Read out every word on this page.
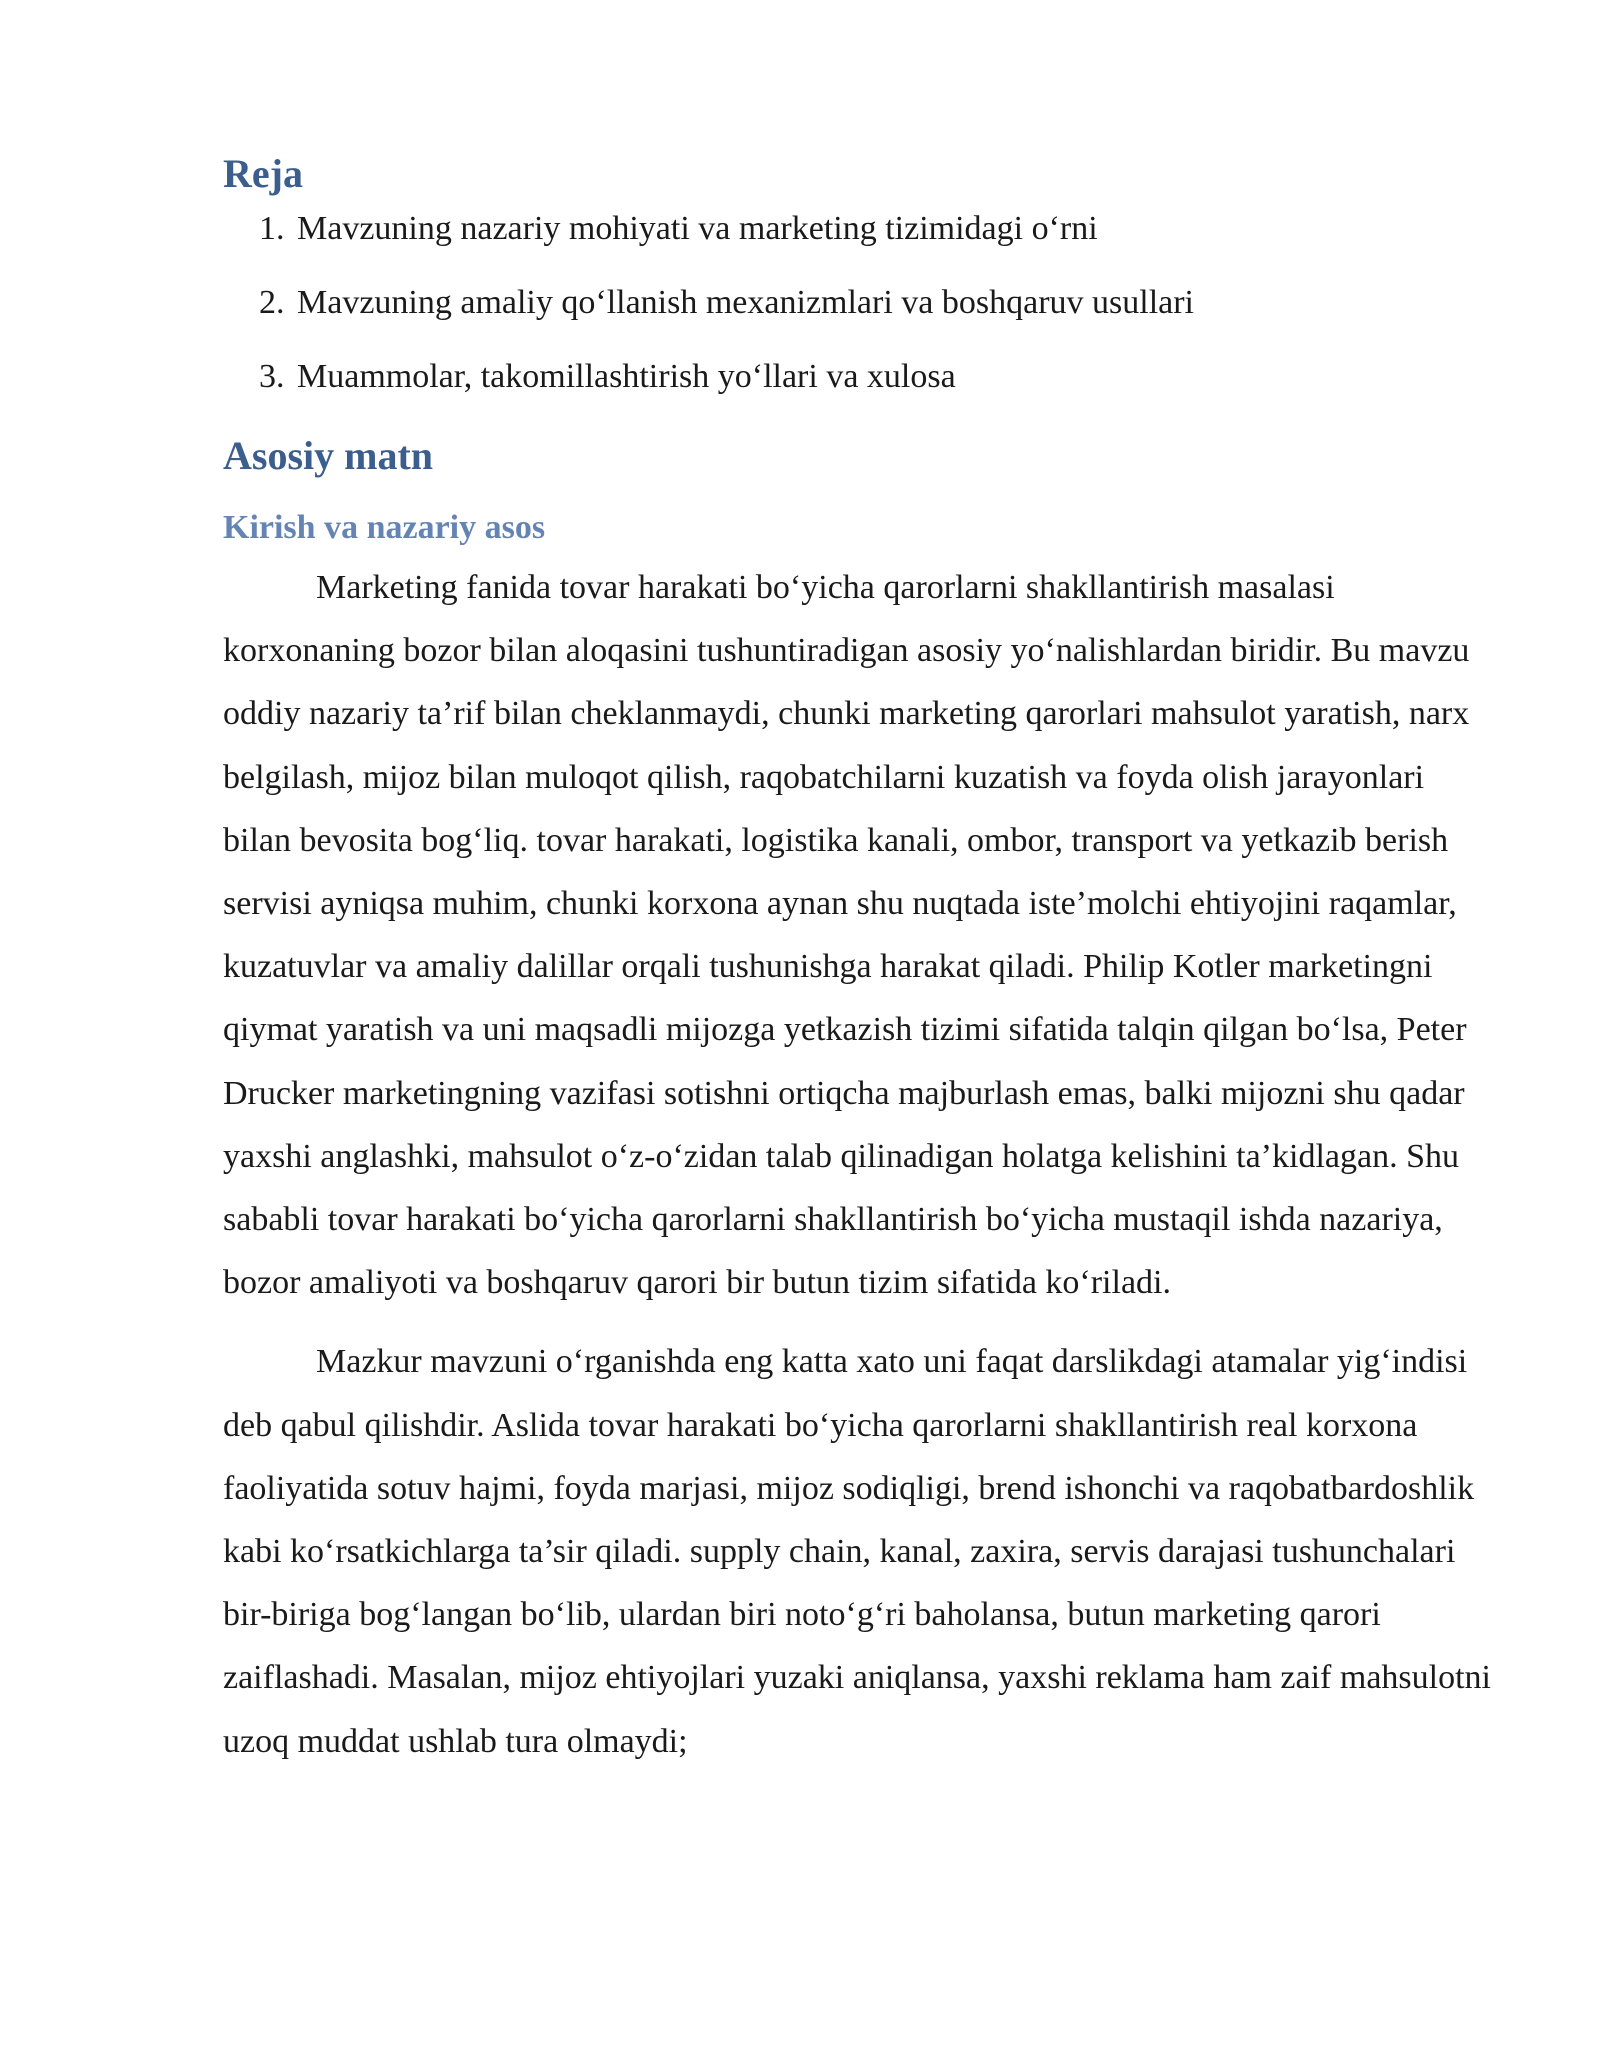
Reja
1. Mavzuning nazariy mohiyati va marketing tizimidagi o‘rni
2. Mavzuning amaliy qo‘llanish mexanizmlari va boshqaruv usullari
3. Muammolar, takomillashtirish yo‘llari va xulosa
Asosiy matn
Kirish va nazariy asos

Marketing fanida tovar harakati bo‘yicha qarorlarni shakllantirish masalasi korxonaning bozor bilan aloqasini tushuntiradigan asosiy yo‘nalishlardan biridir. Bu mavzu oddiy nazariy ta’rif bilan cheklanmaydi, chunki marketing qarorlari mahsulot yaratish, narx belgilash, mijoz bilan muloqot qilish, raqobatchilarni kuzatish va foyda olish jarayonlari bilan bevosita bog‘liq. tovar harakati, logistika kanali, ombor, transport va yetkazib berish servisi ayniqsa muhim, chunki korxona aynan shu nuqtada iste’molchi ehtiyojini raqamlar, kuzatuvlar va amaliy dalillar orqali tushunishga harakat qiladi. Philip Kotler marketingni qiymat yaratish va uni maqsadli mijozga yetkazish tizimi sifatida talqin qilgan bo‘lsa, Peter Drucker marketingning vazifasi sotishni ortiqcha majburlash emas, balki mijozni shu qadar yaxshi anglashki, mahsulot o‘z-o‘zidan talab qilinadigan holatga kelishini ta’kidlagan. Shu sababli tovar harakati bo‘yicha qarorlarni shakllantirish bo‘yicha mustaqil ishda nazariya, bozor amaliyoti va boshqaruv qarori bir butun tizim sifatida ko‘riladi.

Mazkur mavzuni o‘rganishda eng katta xato uni faqat darslikdagi atamalar yig‘indisi deb qabul qilishdir. Aslida tovar harakati bo‘yicha qarorlarni shakllantirish real korxona faoliyatida sotuv hajmi, foyda marjasi, mijoz sodiqligi, brend ishonchi va raqobatbardoshlik kabi ko‘rsatkichlarga ta’sir qiladi. supply chain, kanal, zaxira, servis darajasi tushunchalari bir-biriga bog‘langan bo‘lib, ulardan biri noto‘g‘ri baholansa, butun marketing qarori zaiflashadi. Masalan, mijoz ehtiyojlari yuzaki aniqlansa, yaxshi reklama ham zaif mahsulotni uzoq muddat ushlab tura olmaydi;
